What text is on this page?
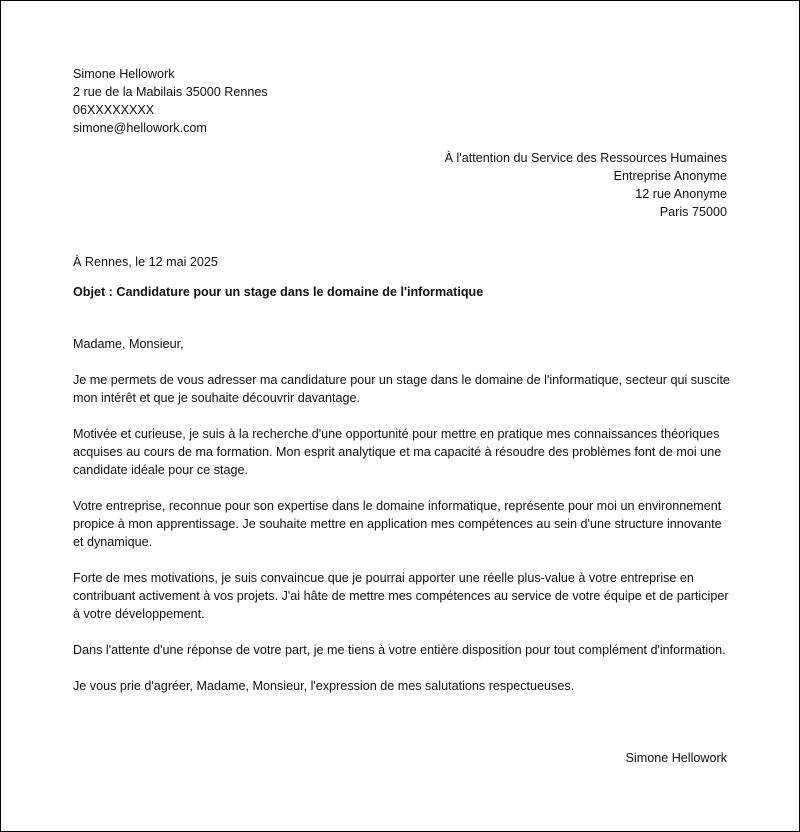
Simone Hellowork
2 rue de la Mabilais 35000 Rennes
06XXXXXXXX
simone@hellowork.com
À l'attention du Service des Ressources Humaines
Entreprise Anonyme
12 rue Anonyme
Paris 75000
À Rennes, le 12 mai 2025
Objet : Candidature pour un stage dans le domaine de l'informatique

Madame, Monsieur,

Je me permets de vous adresser ma candidature pour un stage dans le domaine de l'informatique, secteur qui suscite mon intérêt et que je souhaite découvrir davantage.

Motivée et curieuse, je suis à la recherche d'une opportunité pour mettre en pratique mes connaissances théoriques acquises au cours de ma formation. Mon esprit analytique et ma capacité à résoudre des problèmes font de moi une candidate idéale pour ce stage.

Votre entreprise, reconnue pour son expertise dans le domaine informatique, représente pour moi un environnement propice à mon apprentissage. Je souhaite mettre en application mes compétences au sein d'une structure innovante et dynamique.

Forte de mes motivations, je suis convaincue que je pourrai apporter une réelle plus-value à votre entreprise en contribuant activement à vos projets. J'ai hâte de mettre mes compétences au service de votre équipe et de participer à votre développement.

Dans l'attente d'une réponse de votre part, je me tiens à votre entière disposition pour tout complément d'information.

Je vous prie d'agréer, Madame, Monsieur, l'expression de mes salutations respectueuses.

Simone Hellowork
